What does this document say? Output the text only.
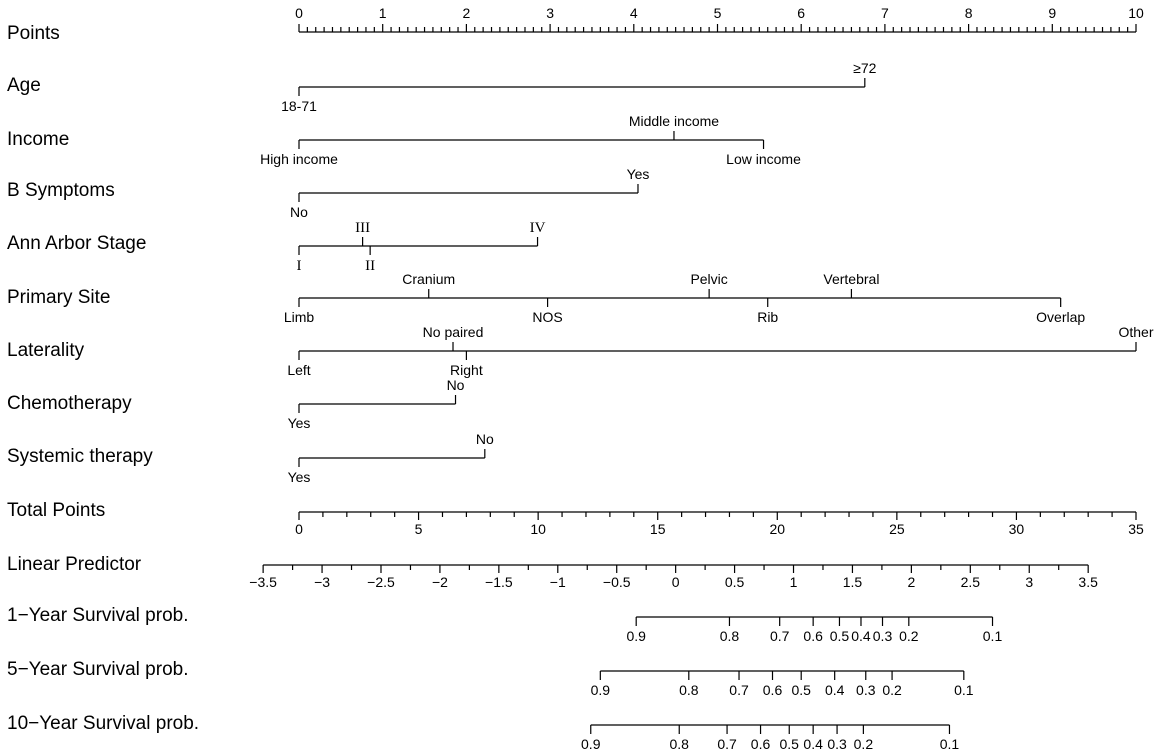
Points
0	1	2	3	4	5	6	7	8	9	10
Age
18-71
≥72
Income
High income
Middle income
Low income
B Symptoms
No
Yes
Ann Arbor Stage
I
III
II
IV
Primary Site
Limb
Cranium
NOS
Pelvic
Rib
Vertebral
Overlap
Laterality
Left
No paired
Right
Other
Chemotherapy
Yes
No
Systemic therapy
Yes
No
Total Points
0	5	10	15	20	25	30	35
Linear Predictor
−3.5	−3	−2.5	−2	−1.5	−1	−0.5	0	0.5	1	1.5	2	2.5	3	3.5
1−Year Survival prob.
0.9	0.8 0.7 0.6 0.5 0.4 0.3 0.2	0.1
5−Year Survival prob.
0.9	0.8 0.7 0.6 0.5 0.4 0.3 0.2	0.1
10−Year Survival prob.
0.9	0.8 0.7 0.6 0.5 0.4 0.3 0.2	0.1
